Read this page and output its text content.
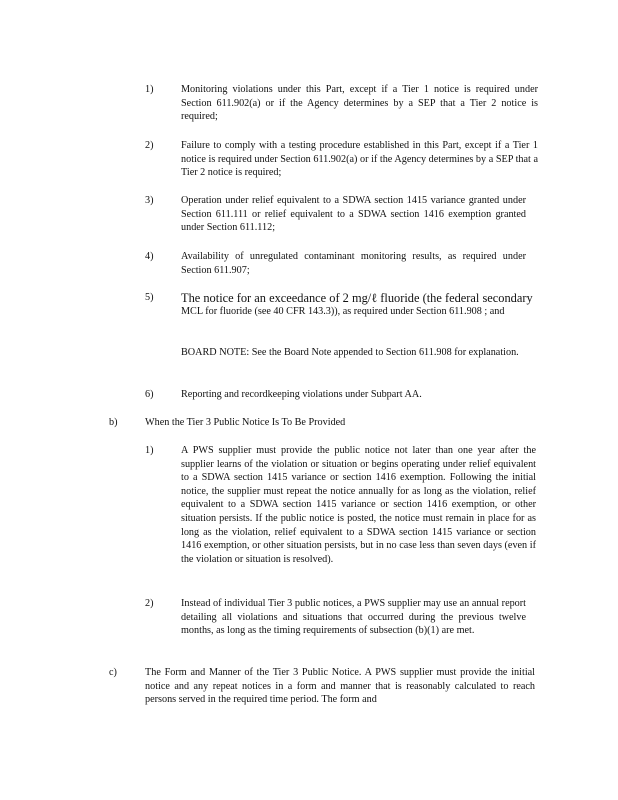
1)	Monitoring violations under this Part, except if a Tier 1 notice is required under Section 611.902(a) or if the Agency determines by a SEP that a Tier 2 notice is required;
2)	Failure to comply with a testing procedure established in this Part, except if a Tier 1 notice is required under Section 611.902(a) or if the Agency determines by a SEP that a Tier 2 notice is required;
3)	Operation under relief equivalent to a SDWA section 1415 variance granted under Section 611.111 or relief equivalent to a SDWA section 1416 exemption granted under Section 611.112;
4)	Availability of unregulated contaminant monitoring results, as required under Section 611.907;
5) The notice for an exceedance of 2 mg/ℓ fluoride (the federal secondary
MCL for fluoride (see 40 CFR 143.3)), as required under Section 611.908 ; and
BOARD NOTE: See the Board Note appended to Section 611.908 for explanation.
6)	Reporting and recordkeeping violations under Subpart AA.
b)	When the Tier 3 Public Notice Is To Be Provided
1)	A PWS supplier must provide the public notice not later than one year after the supplier learns of the violation or situation or begins operating under relief equivalent to a SDWA section 1415 variance or section 1416 exemption. Following the initial notice, the supplier must repeat the notice annually for as long as the violation, relief equivalent to a SDWA section 1415 variance or section 1416 exemption, or other situation persists. If the public notice is posted, the notice must remain in place for as long as the violation, relief equivalent to a SDWA section 1415 variance or section 1416 exemption, or other situation persists, but in no case less than seven days (even if the violation or situation is resolved).
2)	Instead of individual Tier 3 public notices, a PWS supplier may use an annual report detailing all violations and situations that occurred during the previous twelve months, as long as the timing requirements of subsection (b)(1) are met.
c)	The Form and Manner of the Tier 3 Public Notice. A PWS supplier must provide the initial notice and any repeat notices in a form and manner that is reasonably calculated to reach persons served in the required time period. The form and
